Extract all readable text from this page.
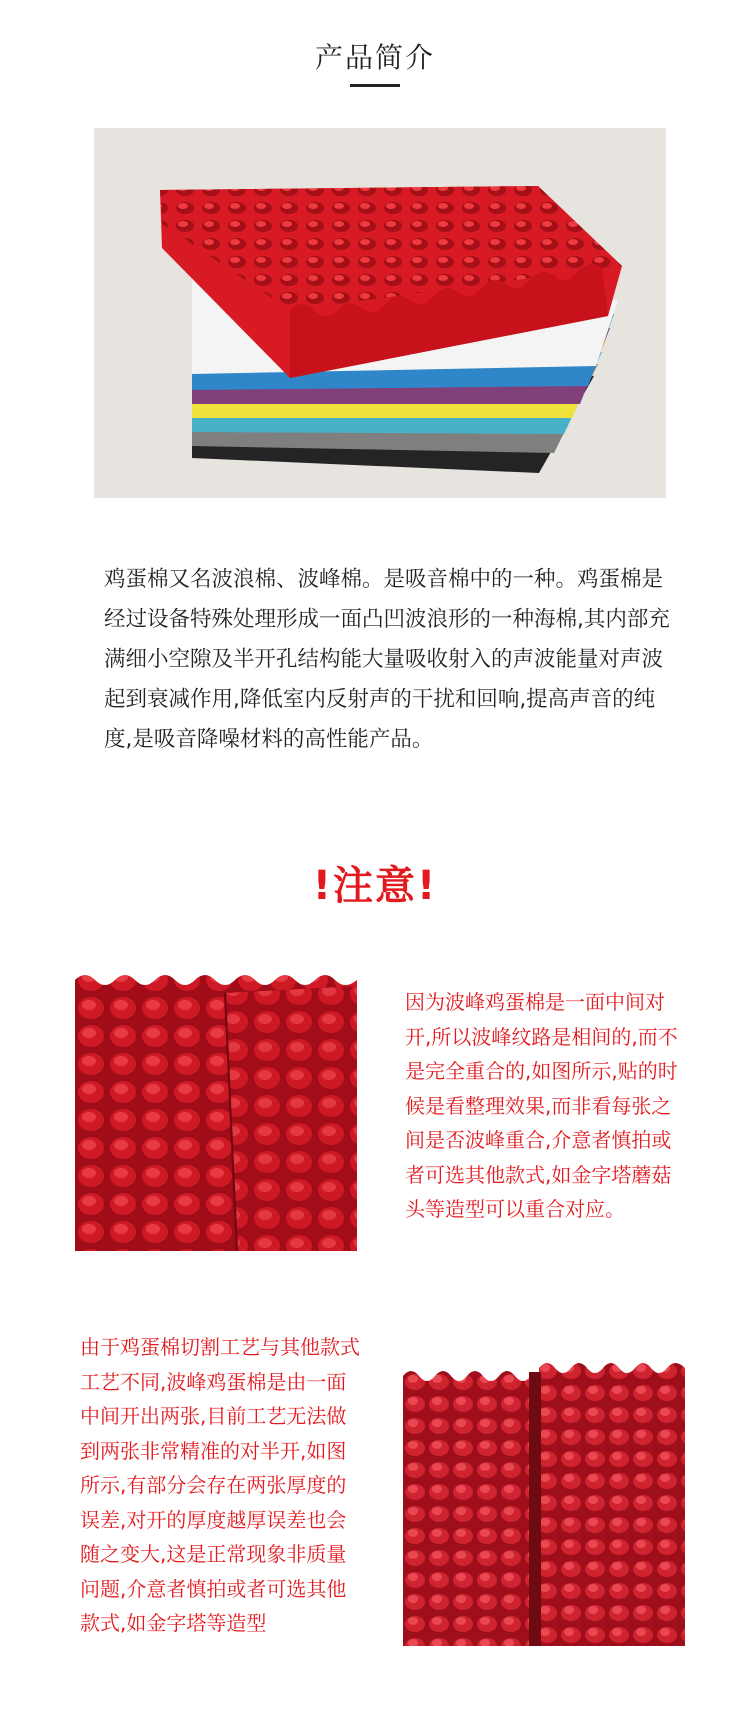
产品简介

鸡蛋棉又名波浪棉、波峰棉。是吸音棉中的一种。鸡蛋棉是经过设备特殊处理形成一面凸凹波浪形的一种海棉,其内部充满细小空隙及半开孔结构能大量吸收射入的声波能量对声波起到衰减作用,降低室内反射声的干扰和回响,提高声音的纯度,是吸音降噪材料的高性能产品。

!注意!

因为波峰鸡蛋棉是一面中间对开,所以波峰纹路是相间的,而不是完全重合的,如图所示,贴的时候是看整理效果,而非看每张之间是否波峰重合,介意者慎拍或者可选其他款式,如金字塔蘑菇头等造型可以重合对应。

由于鸡蛋棉切割工艺与其他款式工艺不同,波峰鸡蛋棉是由一面中间开出两张,目前工艺无法做到两张非常精准的对半开,如图所示,有部分会存在两张厚度的误差,对开的厚度越厚误差也会随之变大,这是正常现象非质量问题,介意者慎拍或者可选其他款式,如金字塔等造型
